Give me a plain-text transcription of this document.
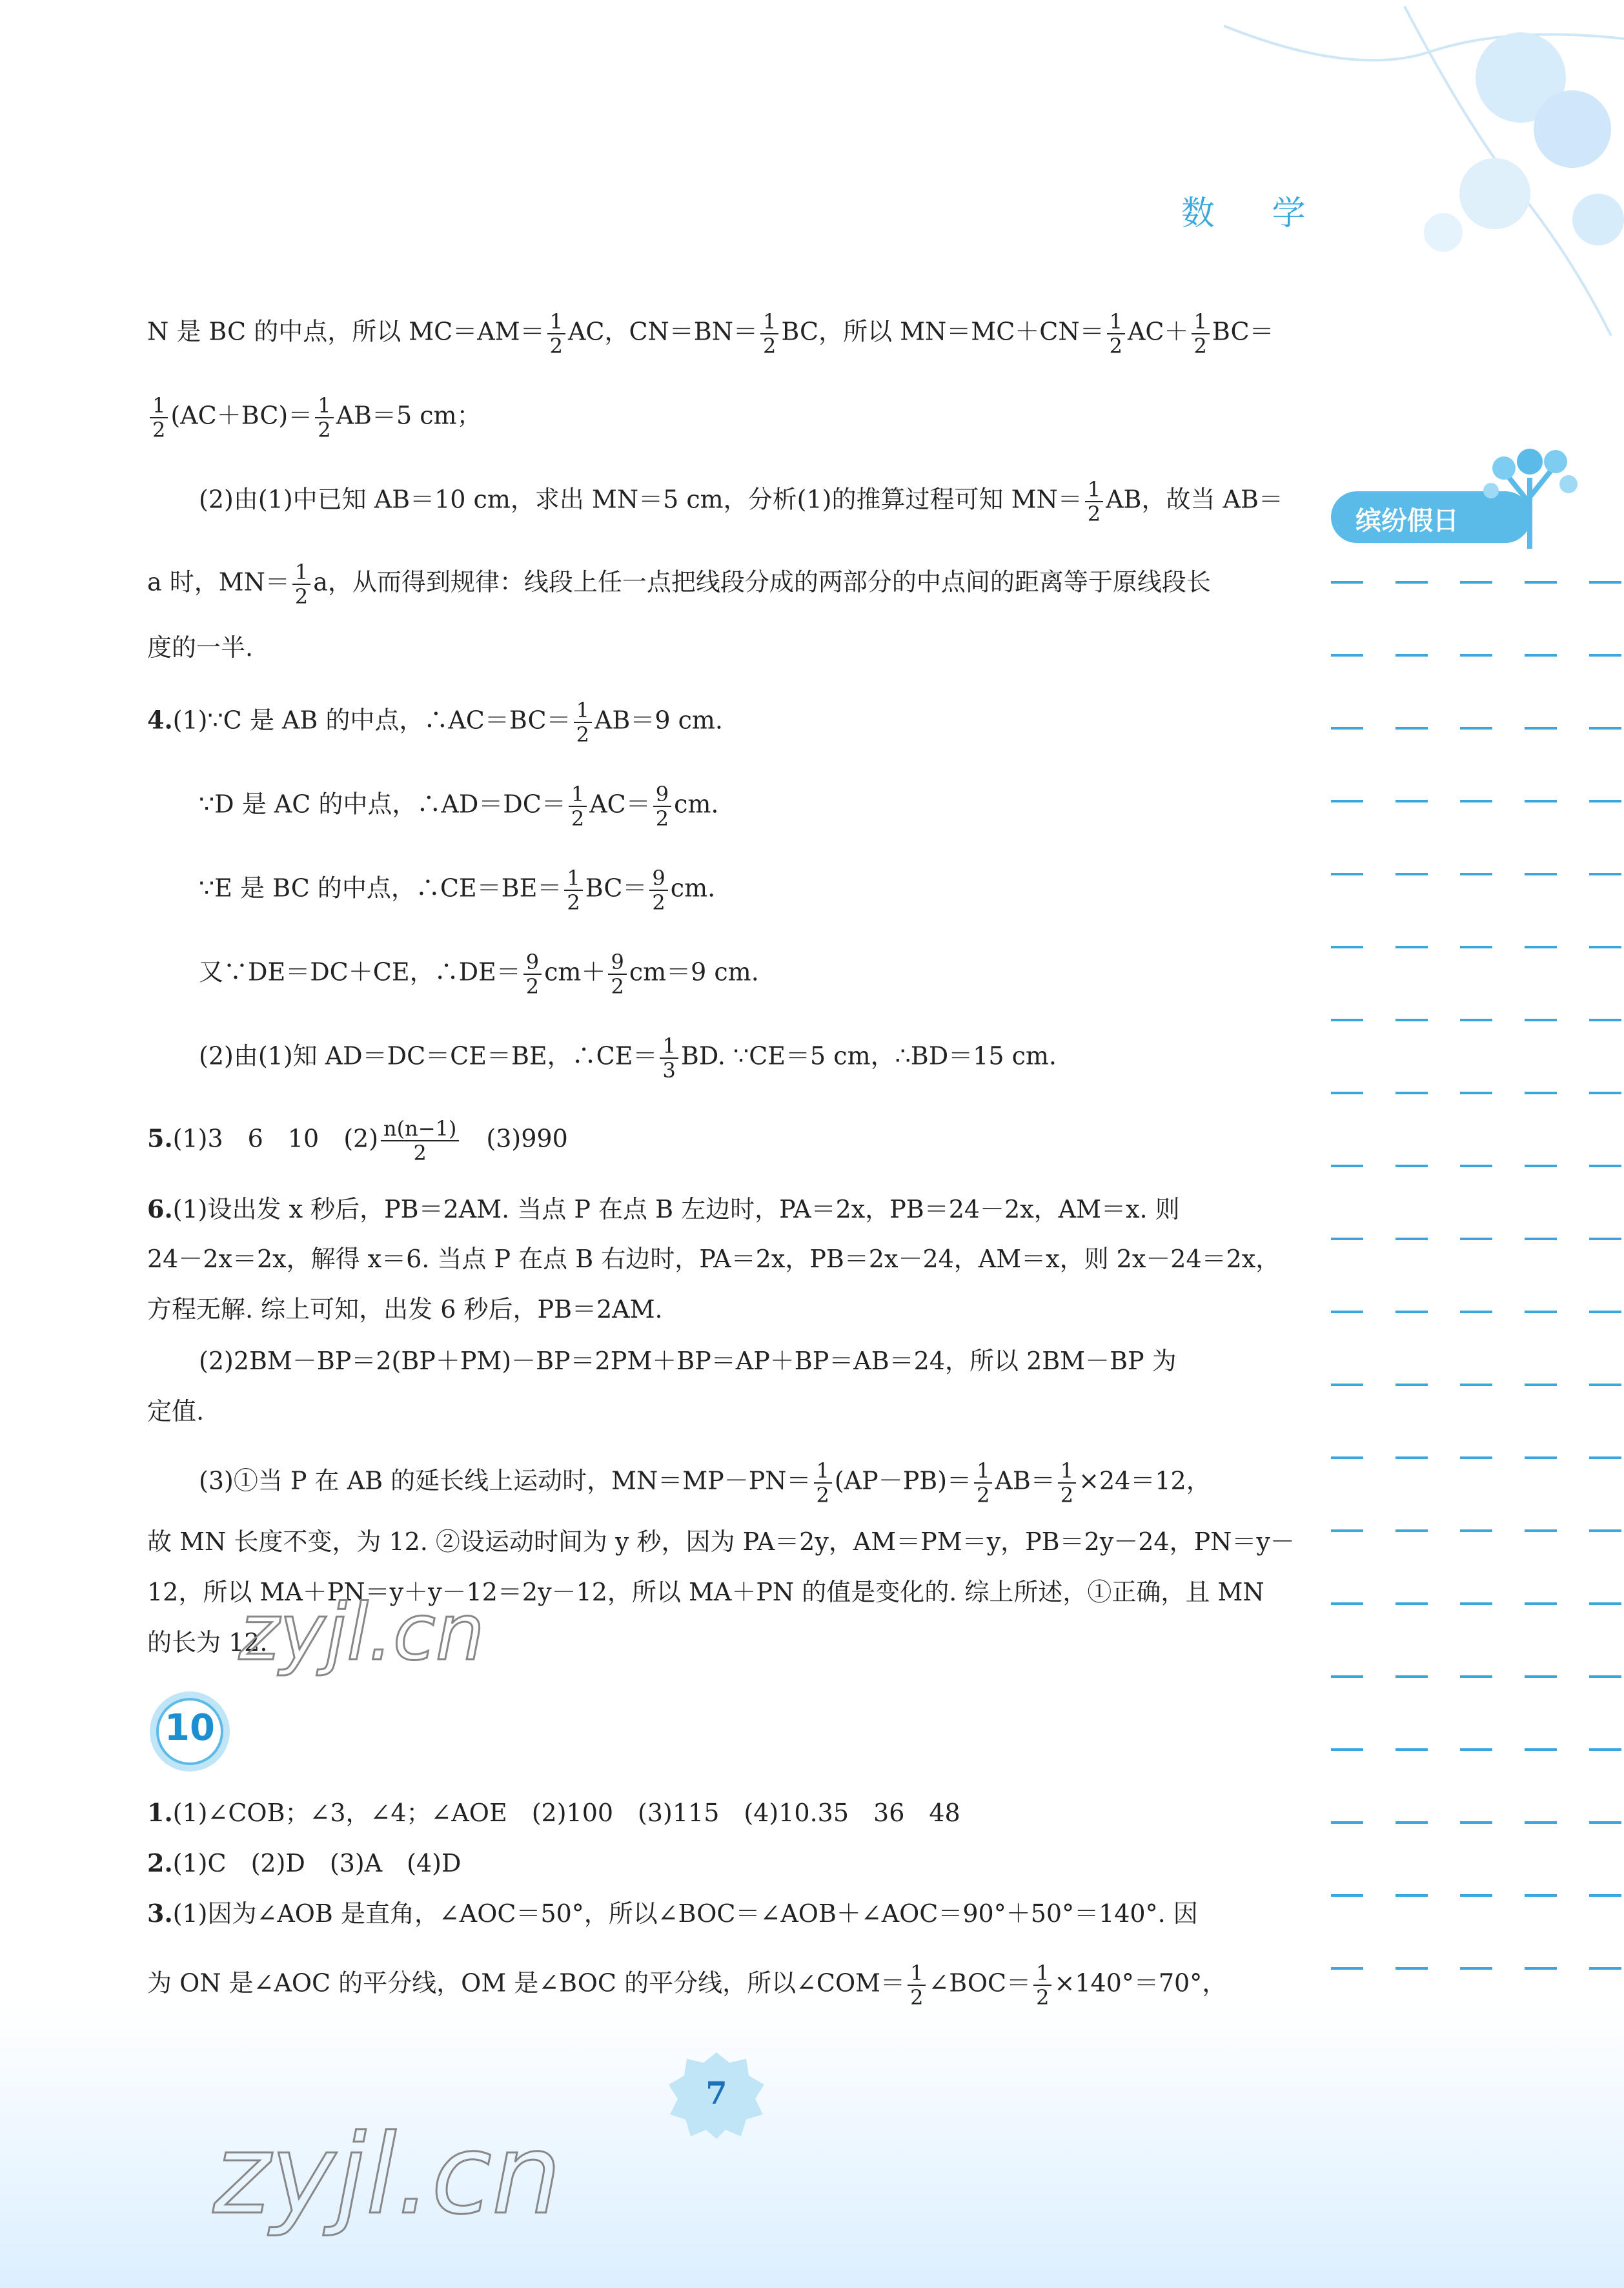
数 学
缤纷假日
N 是 BC 的中点，所以 $MC=AM= \frac{1}{2}$ AC，$CN=BN= \frac{1}{2}$ BC，所以 $MN=MC+CN= \frac{1}{2} AC+ \frac{1}{2} BC=$
$\frac{1}{2} (AC+BC)= \frac{1}{2} AB=5$ cm；
(2)由(1)中已知 AB＝10 cm，求出 MN＝5 cm，分析(1)的推算过程可知 $MN= \frac{1}{2}$ AB，故当 AB＝
a 时，$MN= \frac{1}{2}$ a，从而得到规律：线段上任一点把线段分成的两部分的中点间的距离等于原线段长
度的一半.
4.(1)∵C 是 AB 的中点，∴AC＝BC＝ $\frac{1}{2} AB=9$ cm.
∵D 是 AC 的中点，∴AD＝DC＝ $\frac{1}{2} AC= \frac{9}{2}$ cm.
∵E 是 BC 的中点，∴CE＝BE＝ $\frac{1}{2} BC= \frac{9}{2}$ cm.
又∵DE＝DC＋CE，∴DE＝ $\frac{9}{2} cm+ \frac{9}{2} cm=9$ cm.
(2)由(1)知 AD＝DC＝CE＝BE，∴CE＝ $\frac{1}{3}$ BD. ∵CE＝5 cm，∴BD＝15 cm.
5.(1)3　6　10　$(2) \frac{n(n-1)}{2}$ 　(3)990
6.(1)设出发 x 秒后，PB＝2AM. 当点 P 在点 B 左边时，PA＝2x，PB＝24－2x，AM＝x. 则
24－2x＝2x，解得 x＝6. 当点 P 在点 B 右边时，PA＝2x，PB＝2x－24，AM＝x，则 2x－24＝2x，
方程无解. 综上可知，出发 6 秒后，PB＝2AM.
(2)2BM－BP＝2(BP＋PM)－BP＝2PM＋BP＝AP＋BP＝AB＝24，所以 2BM－BP 为
定值.
(3)①当 P 在 AB 的延长线上运动时，$MN=MP-PN= \frac{1}{2} (AP-PB)= \frac{1}{2} AB= \frac{1}{2} \times 24=12$，
故 MN 长度不变，为 12. ②设运动时间为 y 秒，因为 PA＝2y，AM＝PM＝y，PB＝2y－24，PN＝y－
12，所以 MA＋PN＝y＋y－12＝2y－12，所以 MA＋PN 的值是变化的. 综上所述，①正确，且 MN
的长为 12.
1.(1)∠COB；∠3，∠4；∠AOE　(2)100　(3)115　(4)10.35　36　48
2.(1)C　(2)D　(3)A　(4)D
3.(1)因为∠AOB 是直角，∠AOC＝50°，所以∠BOC＝∠AOB＋∠AOC＝90°＋50°＝140°. 因
为 ON 是∠AOC 的平分线，OM 是∠BOC 的平分线，所以∠COM＝ $\frac{1}{2}$ ∠BOC＝ $\frac{1}{2} \times 140^\circ=70^\circ$，
10
7
zyjl.cn
zyjl.cn
